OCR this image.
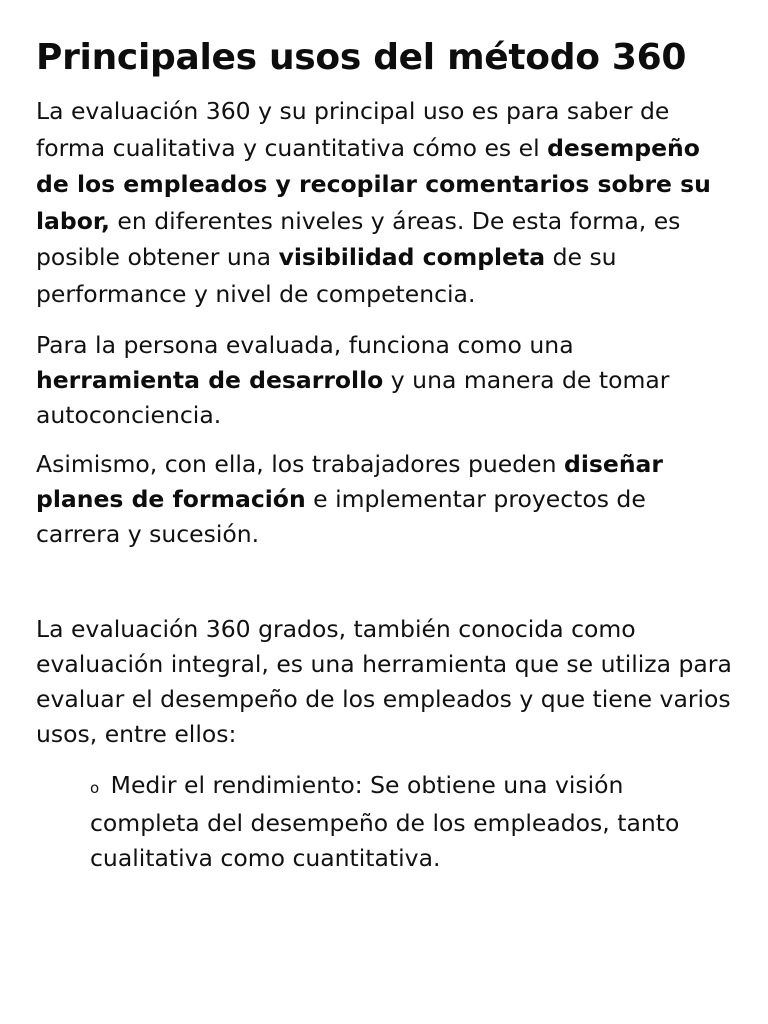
Principales usos del método 360

La evaluación 360 y su principal uso es para saber de forma cualitativa y cuantitativa cómo es el desempeño de los empleados y recopilar comentarios sobre su labor, en diferentes niveles y áreas. De esta forma, es posible obtener una visibilidad completa de su performance y nivel de competencia.

Para la persona evaluada, funciona como una herramienta de desarrollo y una manera de tomar autoconciencia.

Asimismo, con ella, los trabajadores pueden diseñar planes de formación e implementar proyectos de carrera y sucesión.

La evaluación 360 grados, también conocida como evaluación integral, es una herramienta que se utiliza para evaluar el desempeño de los empleados y que tiene varios usos, entre ellos:

o Medir el rendimiento: Se obtiene una visión completa del desempeño de los empleados, tanto cualitativa como cuantitativa.
